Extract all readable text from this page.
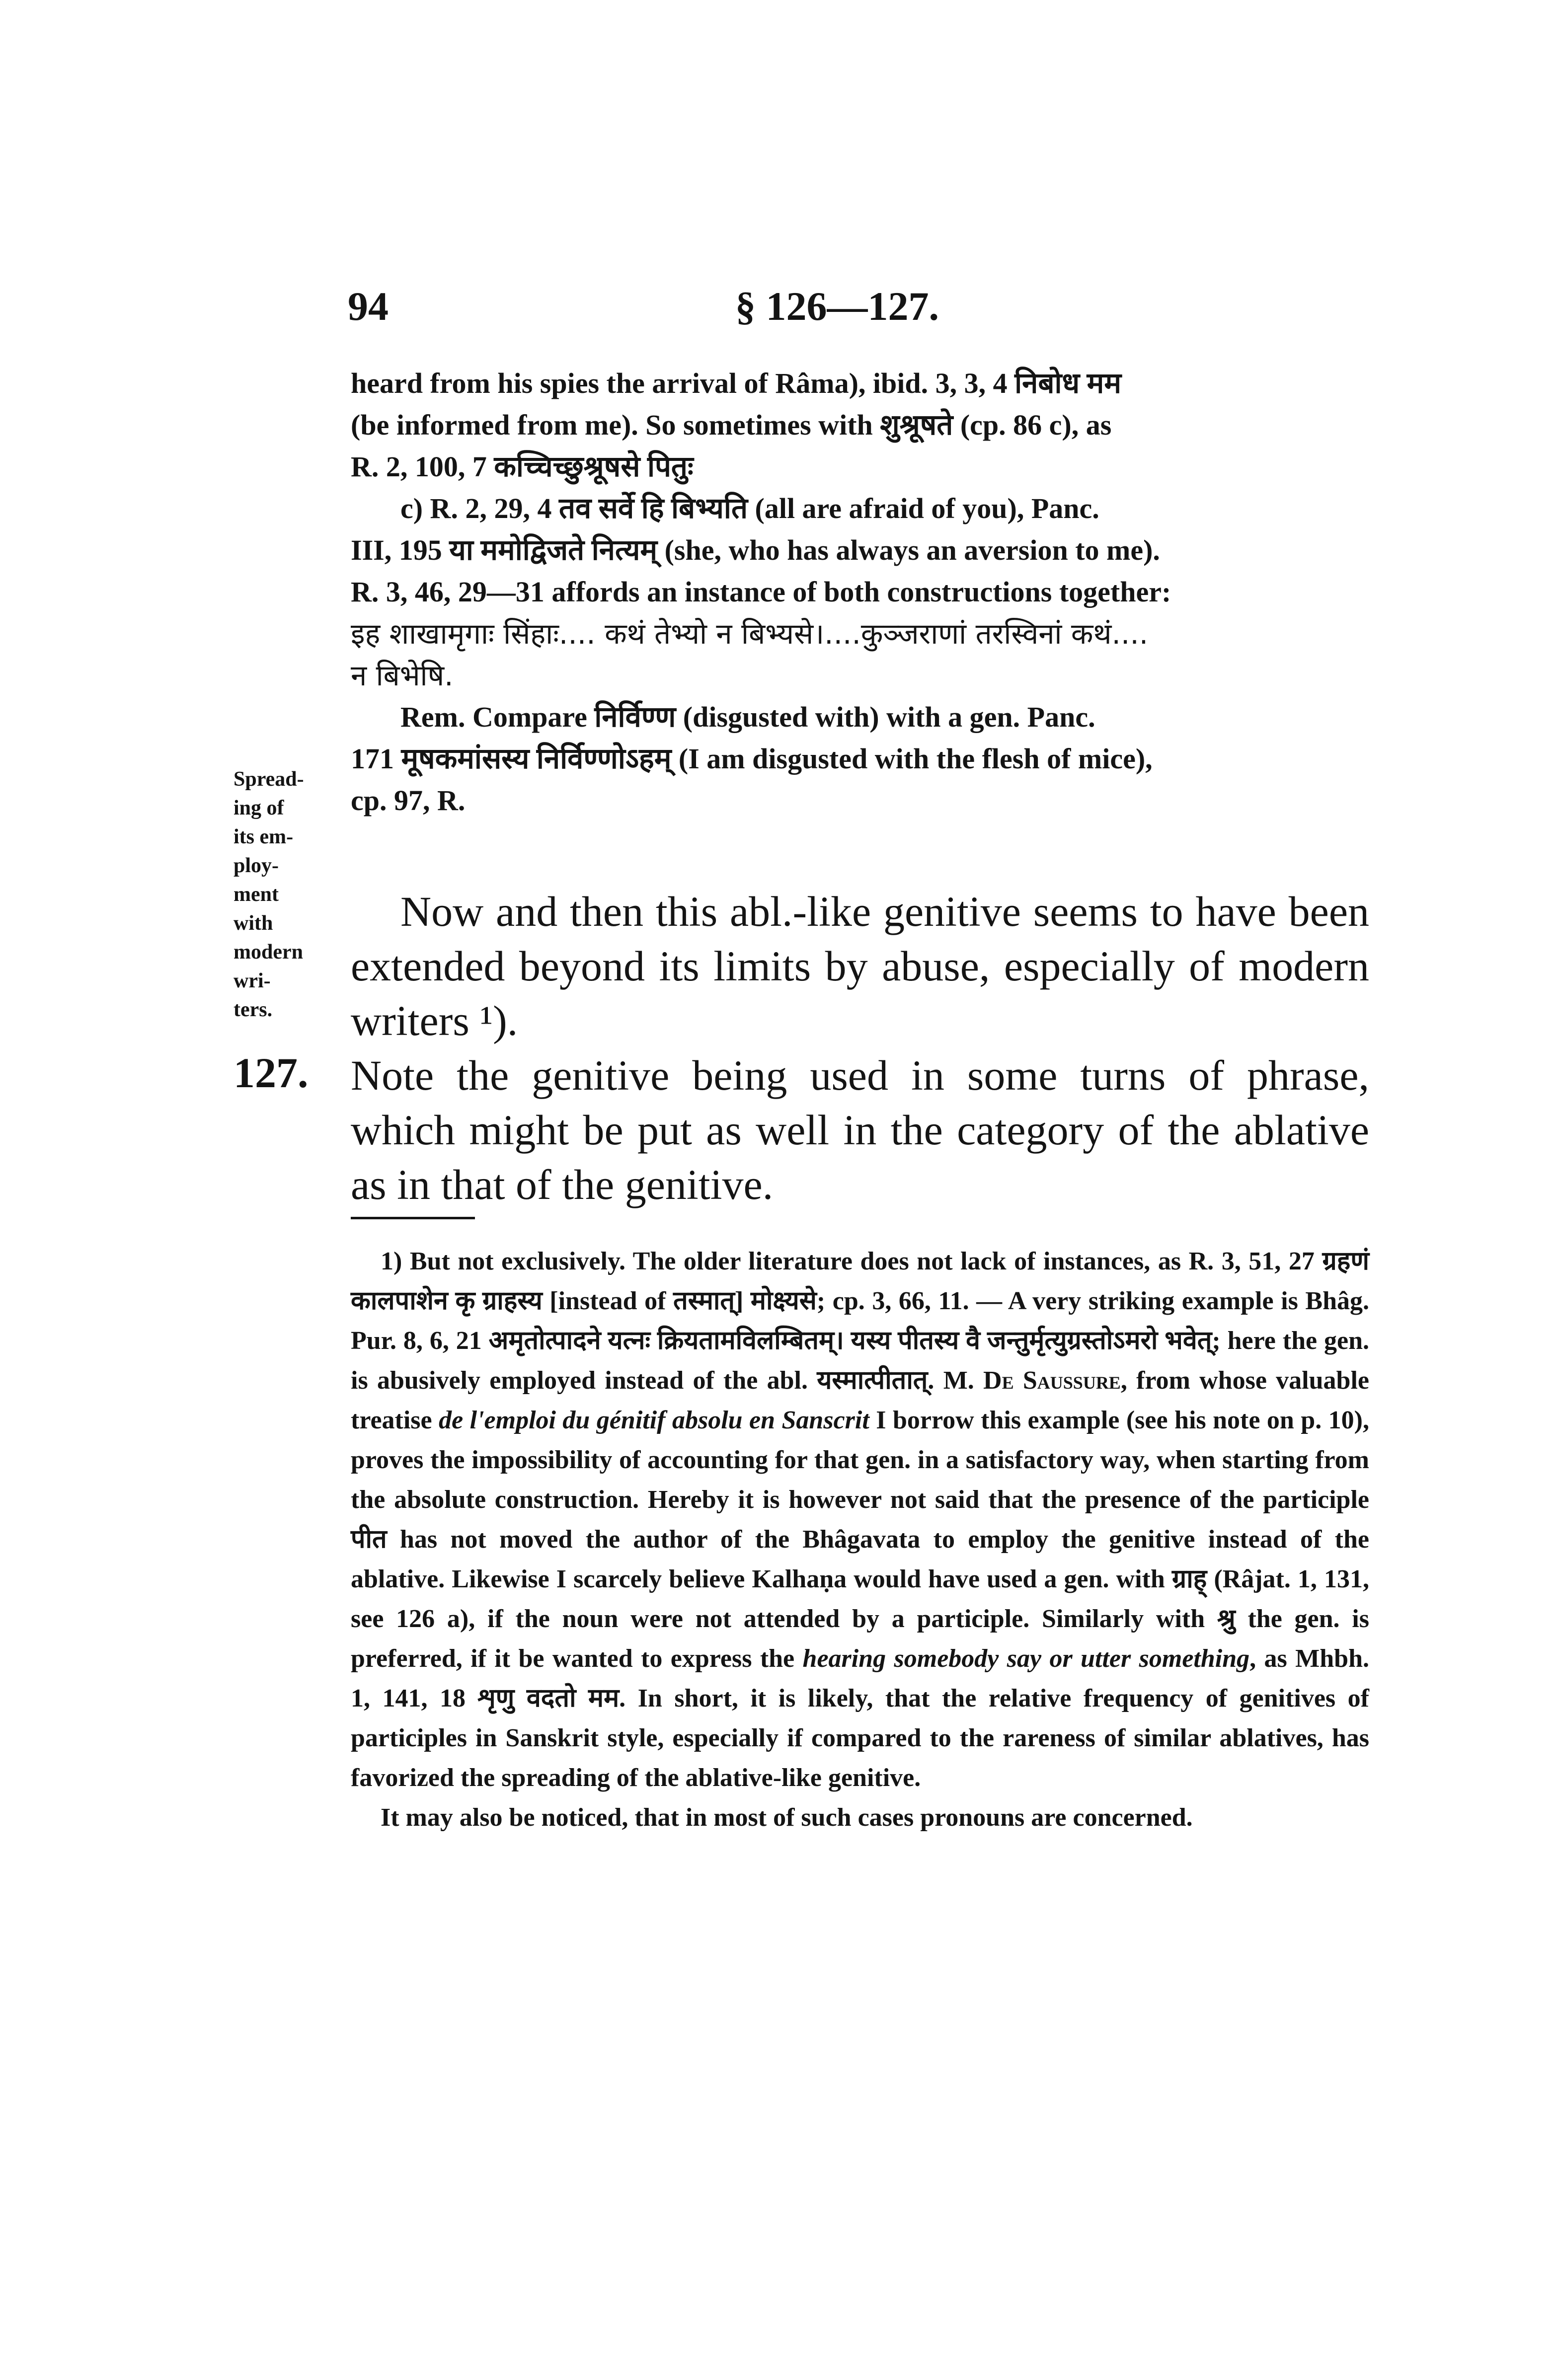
94	§ 126—127.

heard from his spies the arrival of Râma), ibid. 3, 3, 4 निबोध मम

(be informed from me). So sometimes with शुश्रूषते (cp. 86 c), as

R. 2, 100, 7 कच्चिच्छुश्रूषसे पितुः

c) R. 2, 29, 4 तव सर्वे हि बिभ्यति (all are afraid of you), Panc.

III, 195 या ममोद्विजते नित्यम् (she, who has always an aversion to me).

R. 3, 46, 29—31 affords an instance of both constructions together:

इह शाखामृगाः सिंहाः.... कथं तेभ्यो न बिभ्यसे।....कुञ्जराणां तरस्विनां कथं....

न बिभेषि.

Rem. Compare निर्विण्ण (disgusted with) with a gen. Panc.

171 मूषकमांसस्य निर्विण्णोऽहम् (I am disgusted with the flesh of mice),

cp. 97, R.

Spread-
ing of
its em-
ploy-
ment
with
modern
wri-
ters.

Now and then this abl.-like genitive seems to have been extended beyond its limits by abuse, especially of modern writers ¹).

127. Note the genitive being used in some turns of phrase, which might be put as well in the category of the ablative as in that of the genitive.

1) But not exclusively. The older literature does not lack of instances, as R. 3, 51, 27 ग्रहणं कालपाशेन कृ ग्राहस्य [instead of तस्मात्] मोक्ष्यसे; cp. 3, 66, 11. — A very striking example is Bhâg. Pur. 8, 6, 21 अमृतोत्पादने यत्नः क्रियतामविलम्बितम्। यस्य पीतस्य वै जन्तुर्मृत्युग्रस्तोऽमरो भवेत्; here the gen. is abusively employed instead of the abl. यस्मात्पीतात्. M. De Saussure, from whose valuable treatise de l'emploi du génitif absolu en Sanscrit I borrow this example (see his note on p. 10), proves the impossibility of accounting for that gen. in a satisfactory way, when starting from the absolute construction. Hereby it is however not said that the presence of the participle पीत has not moved the author of the Bhâgavata to employ the genitive instead of the ablative. Likewise I scarcely believe Kalhaṇa would have used a gen. with ग्राह् (Râjat. 1, 131, see 126 a), if the noun were not attended by a participle. Similarly with श्रु the gen. is preferred, if it be wanted to express the hearing somebody say or utter something, as Mhbh. 1, 141, 18 शृणु वदतो मम. In short, it is likely, that the relative frequency of genitives of participles in Sanskrit style, especially if compared to the rareness of similar ablatives, has favorized the spreading of the ablative-like genitive.

It may also be noticed, that in most of such cases pronouns are concerned.
